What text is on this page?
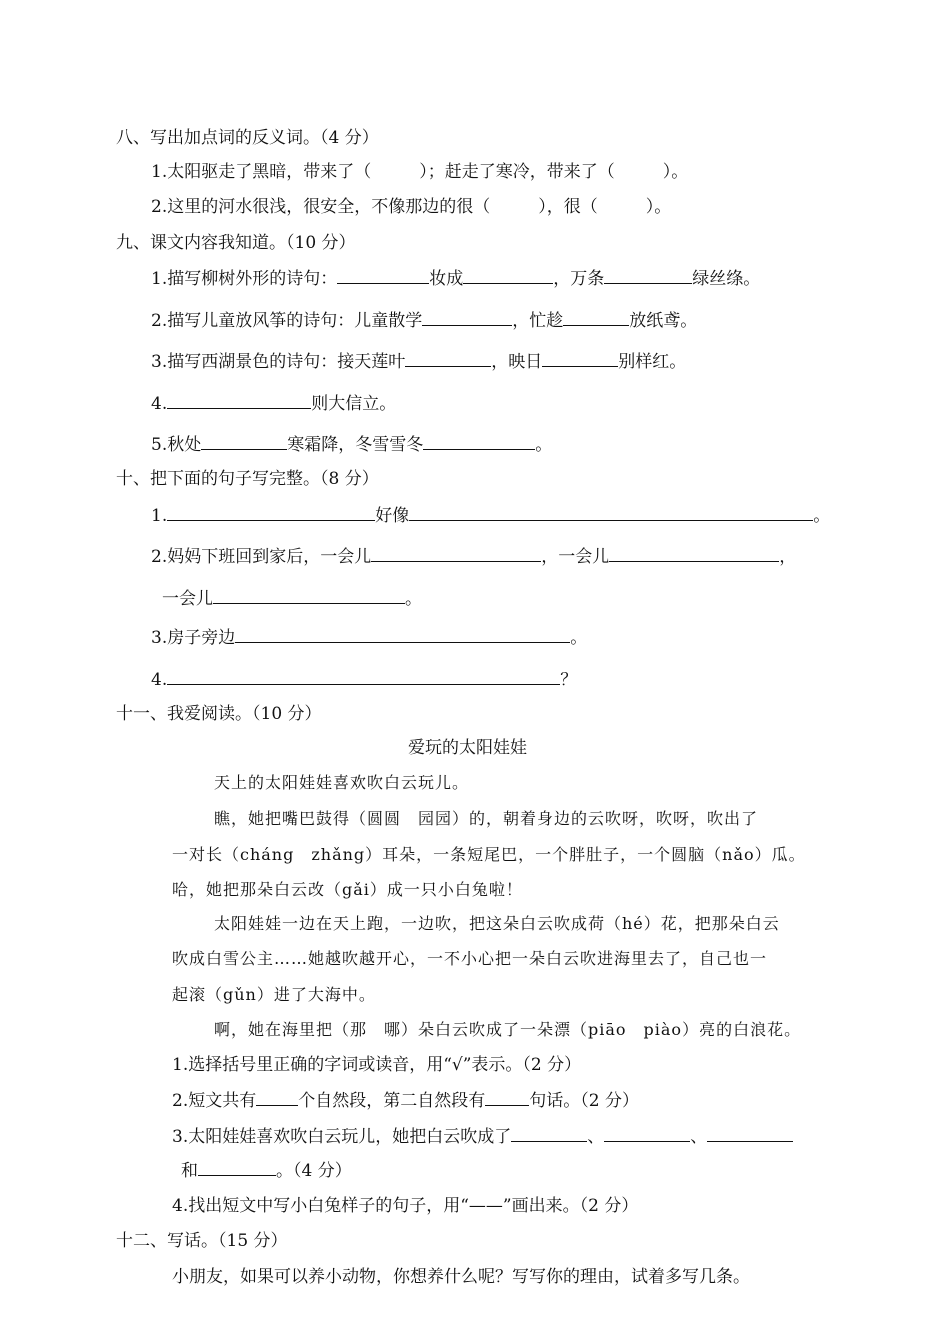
八、写出加点词的反义词。（4 分）
1.太阳驱走了黑暗，带来了（	）；赶走了寒冷，带来了（	）。
2.这里的河水很浅，很安全，不像那边的很（	），很（	）。
九、课文内容我知道。（10 分）
1.描写柳树外形的诗句：	妆成	，万条	绿丝绦。
2.描写儿童放风筝的诗句：儿童散学	，忙趁	放纸鸢。
3.描写西湖景色的诗句：接天莲叶	，映日	别样红。
4.	则大信立。
5.秋处	寒霜降，冬雪雪冬	。
十、把下面的句子写完整。（8 分）
1.	好像	。
2.妈妈下班回到家后，一会儿	，一会儿	，
一会儿	。
3.房子旁边	。
4.	？
十一、我爱阅读。（10 分）
爱玩的太阳娃娃
天上的太阳娃娃喜欢吹白云玩儿。
瞧，她把嘴巴鼓得（圆圆　园园）的，朝着身边的云吹呀，吹呀，吹出了
一对长（cháng　zhǎng）耳朵，一条短尾巴，一个胖肚子，一个圆脑（nǎo）瓜。
哈，她把那朵白云改（gǎi）成一只小白兔啦！
太阳娃娃一边在天上跑，一边吹，把这朵白云吹成荷（hé）花，把那朵白云
吹成白雪公主……她越吹越开心，一不小心把一朵白云吹进海里去了，自己也一
起滚（gǔn）进了大海中。
啊，她在海里把（那　哪）朵白云吹成了一朵漂（piāo　piào）亮的白浪花。
1.选择括号里正确的字词或读音，用“√”表示。（2 分）
2.短文共有 个自然段，第二自然段有	句话。（2 分）
3.太阳娃娃喜欢吹白云玩儿，她把白云吹成了	、	、
和	。（4 分）
4.找出短文中写小白兔样子的句子，用“——”画出来。（2 分）
十二、写话。（15 分）
小朋友，如果可以养小动物，你想养什么呢？写写你的理由，试着多写几条。
